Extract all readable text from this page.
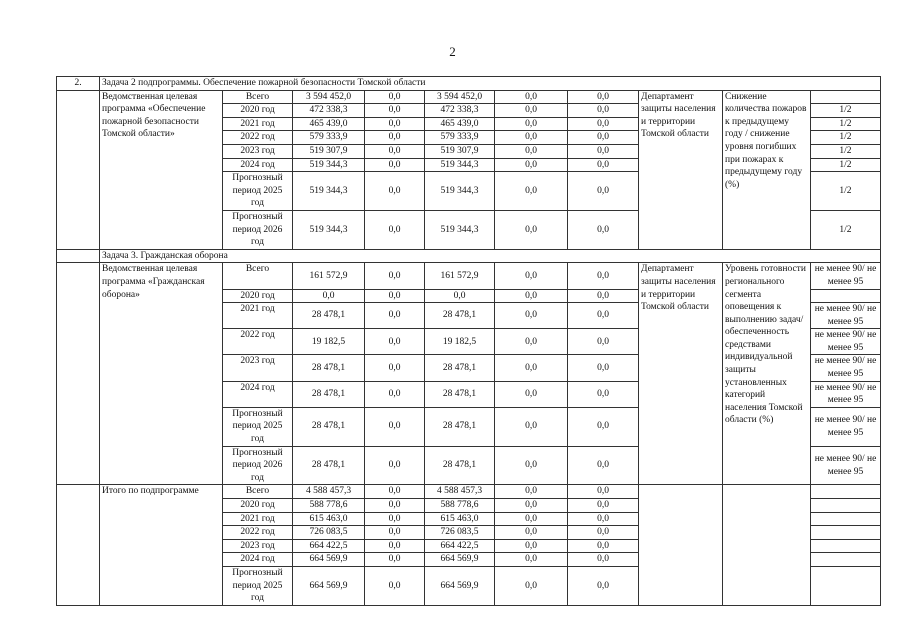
2
2.	Задача 2 подпрограммы. Обеспечение пожарной безопасности Томской области									
	Ведомственная целевая программа «Обеспечение пожарной безопасности Томской области»	Всего	3 594 452,0	0,0	3 594 452,0	0,0	0,0	Департамент защиты населения и территории Томской области	Снижение количества пожаров к предыдущему году / снижение уровня погибших при пожарах к предыдущему году (%)	
		2020 год	472 338,3	0,0	472 338,3	0,0	0,0			1/2
		2021 год	465 439,0	0,0	465 439,0	0,0	0,0			1/2
		2022 год	579 333,9	0,0	579 333,9	0,0	0,0			1/2
		2023 год	519 307,9	0,0	519 307,9	0,0	0,0			1/2
		2024 год	519 344,3	0,0	519 344,3	0,0	0,0			1/2
		Прогнозный период 2025 год	519 344,3	0,0	519 344,3	0,0	0,0			1/2
		Прогнозный период 2026 год	519 344,3	0,0	519 344,3	0,0	0,0			1/2
	Задача 3. Гражданская оборона									
	Ведомственная целевая программа «Гражданская оборона»	Всего	161 572,9	0,0	161 572,9	0,0	0,0	Департамент защиты населения и территории Томской области	Уровень готовности регионального сегмента оповещения к выполнению задач/ обеспеченность средствами индивидуальной защиты установленных категорий населения Томской области (%)	не менее 90/ не менее 95
		2020 год	0,0	0,0	0,0	0,0	0,0			
		2021 год	28 478,1	0,0	28 478,1	0,0	0,0			не менее 90/ не менее 95
		2022 год	19 182,5	0,0	19 182,5	0,0	0,0			не менее 90/ не менее 95
		2023 год	28 478,1	0,0	28 478,1	0,0	0,0			не менее 90/ не менее 95
		2024 год	28 478,1	0,0	28 478,1	0,0	0,0			не менее 90/ не менее 95
		Прогнозный период 2025 год	28 478,1	0,0	28 478,1	0,0	0,0			не менее 90/ не менее 95
		Прогнозный период 2026 год	28 478,1	0,0	28 478,1	0,0	0,0			не менее 90/ не менее 95
	Итого по подпрограмме	Всего	4 588 457,3	0,0	4 588 457,3	0,0	0,0			
		2020 год	588 778,6	0,0	588 778,6	0,0	0,0			
		2021 год	615 463,0	0,0	615 463,0	0,0	0,0			
		2022 год	726 083,5	0,0	726 083,5	0,0	0,0			
		2023 год	664 422,5	0,0	664 422,5	0,0	0,0			
		2024 год	664 569,9	0,0	664 569,9	0,0	0,0			
		Прогнозный период 2025 год	664 569,9	0,0	664 569,9	0,0	0,0			
